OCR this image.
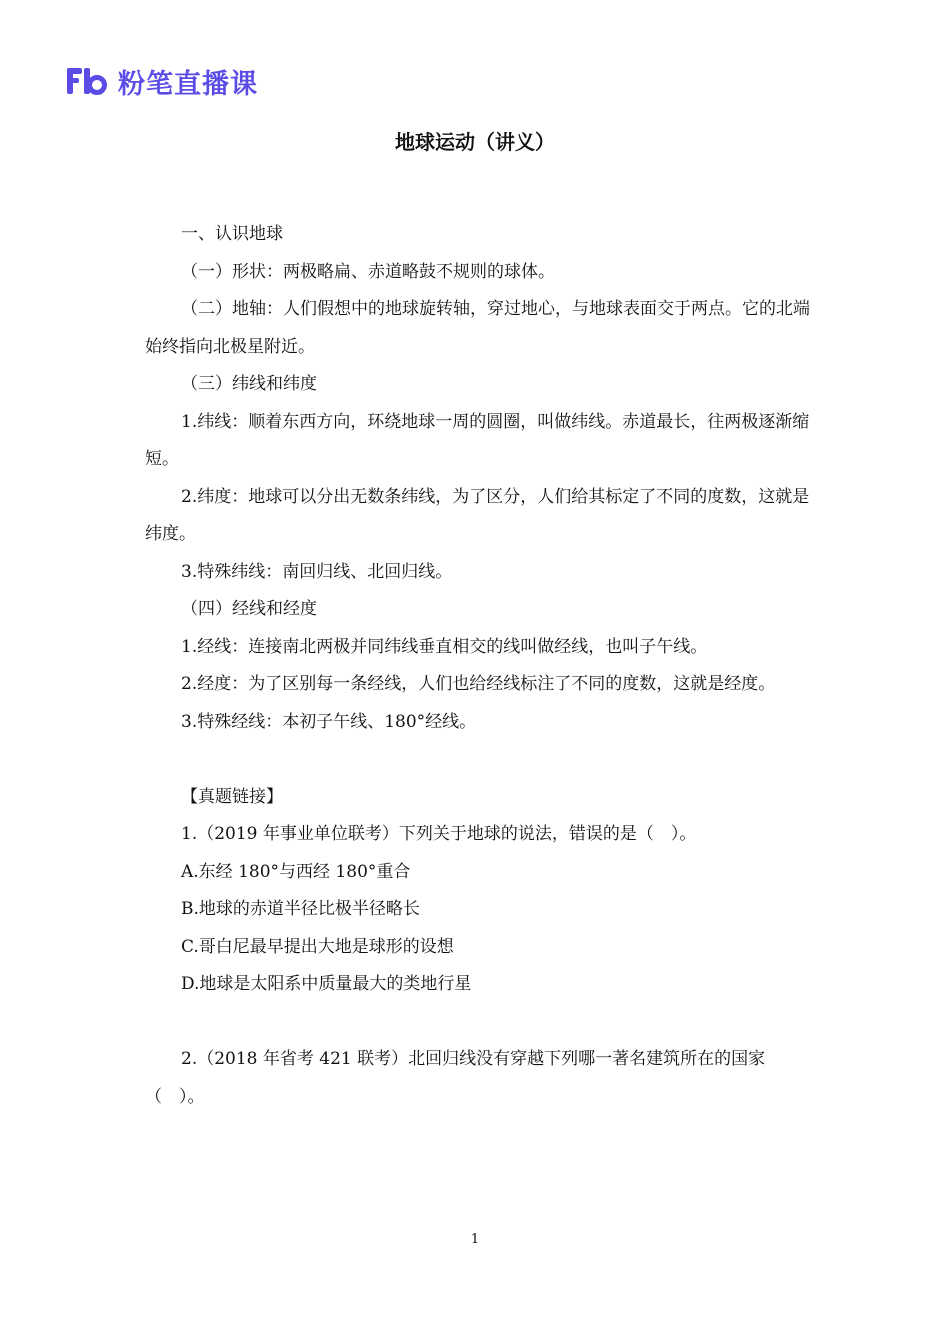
粉笔直播课
地球运动（讲义）

一、认识地球

（一）形状：两极略扁、赤道略鼓不规则的球体。

（二）地轴：人们假想中的地球旋转轴，穿过地心，与地球表面交于两点。它的北端始终指向北极星附近。

（三）纬线和纬度

1.纬线：顺着东西方向，环绕地球一周的圆圈，叫做纬线。赤道最长，往两极逐渐缩短。

2.纬度：地球可以分出无数条纬线，为了区分，人们给其标定了不同的度数，这就是纬度。

3.特殊纬线：南回归线、北回归线。

（四）经线和经度

1.经线：连接南北两极并同纬线垂直相交的线叫做经线，也叫子午线。

2.经度：为了区别每一条经线，人们也给经线标注了不同的度数，这就是经度。

3.特殊经线：本初子午线、180°经线。

【真题链接】

1.（2019 年事业单位联考）下列关于地球的说法，错误的是（　）。

A.东经 180°与西经 180°重合

B.地球的赤道半径比极半径略长

C.哥白尼最早提出大地是球形的设想

D.地球是太阳系中质量最大的类地行星

2.（2018 年省考 421 联考）北回归线没有穿越下列哪一著名建筑所在的国家（　）。

1
